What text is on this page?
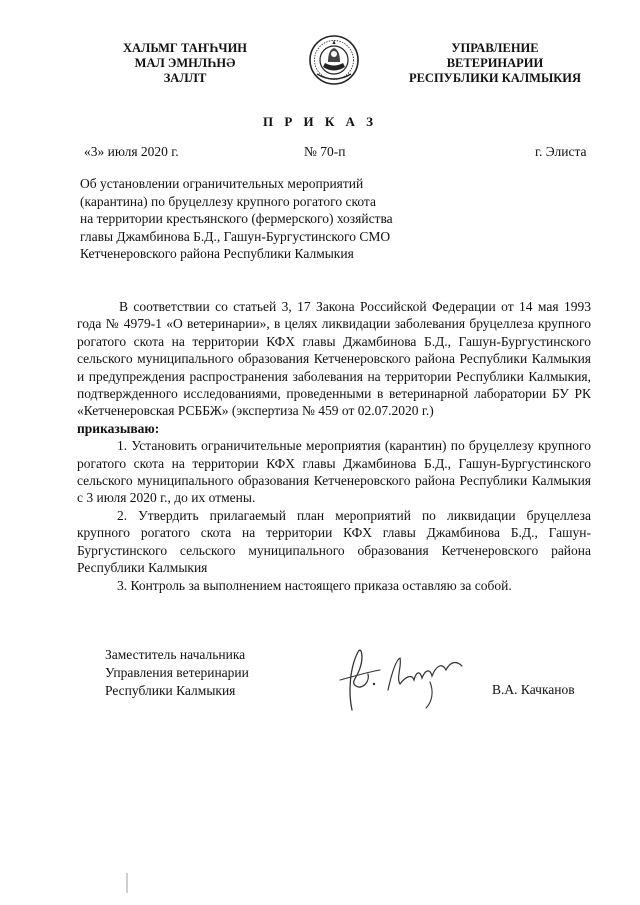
ХАЛЬМГ ТАҤҺЧИН
МАЛ ЭМНЛҺНӘ
ЗАЛЛТ
УПРАВЛЕНИЕ
ВЕТЕРИНАРИИ
РЕСПУБЛИКИ КАЛМЫКИЯ
П Р И К А З
«3» июля 2020 г.	№ 70-п	г. Элиста
Об установлении ограничительных мероприятий
(карантина) по бруцеллезу крупного рогатого скота
на территории крестьянского (фермерского) хозяйства
главы Джамбинова Б.Д., Гашун-Бургустинского СМО
Кетченеровского района Республики Калмыкия

В соответствии со статьей 3, 17 Закона Российской Федерации от 14 мая 1993 года № 4979-1 «О ветеринарии», в целях ликвидации заболевания бруцеллеза крупного рогатого скота на территории КФХ главы Джамбинова Б.Д., Гашун-Бургустинского сельского муниципального образования Кетченеровского района Республики Калмыкия и предупреждения распространения заболевания на территории Республики Калмыкия, подтвержденного исследованиями, проведенными в ветеринарной лаборатории БУ РК «Кетченеровская РСББЖ» (экспертиза № 459 от 02.07.2020 г.)

приказываю:

1. Установить ограничительные мероприятия (карантин) по бруцеллезу крупного рогатого скота на территории КФХ главы Джамбинова Б.Д., Гашун-Бургустинского сельского муниципального образования Кетченеровского района Республики Калмыкия с 3 июля 2020 г., до их отмены.

2. Утвердить прилагаемый план мероприятий по ликвидации бруцеллеза крупного рогатого скота на территории КФХ главы Джамбинова Б.Д., Гашун-Бургустинского сельского муниципального образования Кетченеровского района Республики Калмыкия

3. Контроль за выполнением настоящего приказа оставляю за собой.

Заместитель начальника
Управления ветеринарии
Республики Калмыкия	В.А. Качканов
